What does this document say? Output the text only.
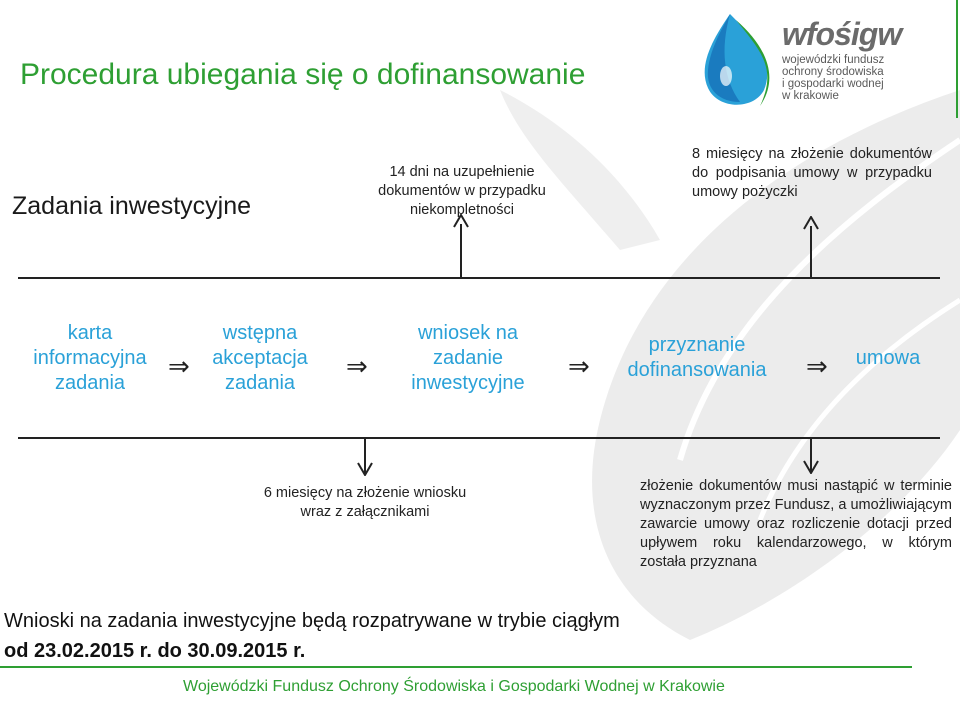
Procedura ubiegania się o dofinansowanie
wfośigw
wojewódzki fundusz
ochrony środowiska
i gospodarki wodnej
w krakowie
Zadania inwestycyjne
14 dni na uzupełnienie dokumentów w przypadku niekompletności
8 miesięcy na złożenie dokumentów do podpisania umowy w przypadku umowy pożyczki
karta
informacyjna
zadania
⇒
wstępna
akceptacja
zadania
⇒
wniosek na
zadanie
inwestycyjne
⇒
przyznanie
dofinansowania	⇒	umowa
6 miesięcy na złożenie wniosku wraz z załącznikami
złożenie dokumentów musi nastąpić w terminie wyznaczonym przez Fundusz, a umożliwiającym zawarcie umowy oraz rozliczenie dotacji przed upływem roku kalendarzowego, w którym została przyznana
Wnioski na zadania inwestycyjne będą rozpatrywane w trybie ciągłym
od 23.02.2015 r. do 30.09.2015 r.
Wojewódzki Fundusz Ochrony Środowiska i Gospodarki Wodnej w Krakowie
